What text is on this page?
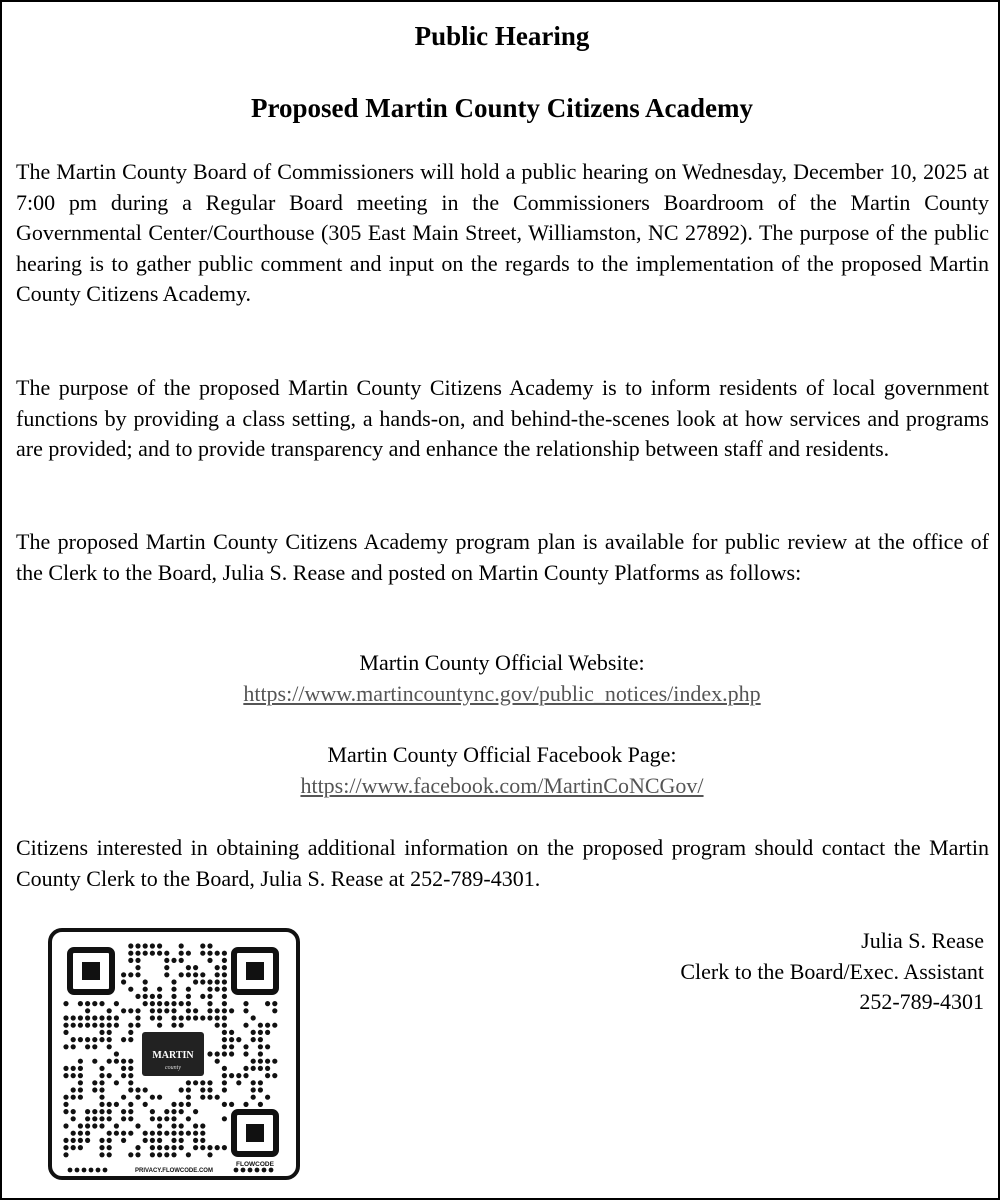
Public Hearing
Proposed Martin County Citizens Academy
The Martin County Board of Commissioners will hold a public hearing on Wednesday, December 10, 2025 at 7:00 pm during a Regular Board meeting in the Commissioners Boardroom of the Martin County Governmental Center/Courthouse (305 East Main Street, Williamston, NC 27892). The purpose of the public hearing is to gather public comment and input on the regards to the implementation of the proposed Martin County Citizens Academy.
The purpose of the proposed Martin County Citizens Academy is to inform residents of local government functions by providing a class setting, a hands-on, and behind-the-scenes look at how services and programs are provided; and to provide transparency and enhance the relationship between staff and residents.
The proposed Martin County Citizens Academy program plan is available for public review at the office of the Clerk to the Board, Julia S. Rease and posted on Martin County Platforms as follows:
Martin County Official Website:
https://www.martincountync.gov/public_notices/index.php
Martin County Official Facebook Page:
https://www.facebook.com/MartinCoNCGov/
Citizens interested in obtaining additional information on the proposed program should contact the Martin County Clerk to the Board, Julia S. Rease at 252-789-4301.
Julia S. Rease
Clerk to the Board/Exec. Assistant
252-789-4301
MARTIN
county
FLOWCODE
PRIVACY.FLOWCODE.COM
